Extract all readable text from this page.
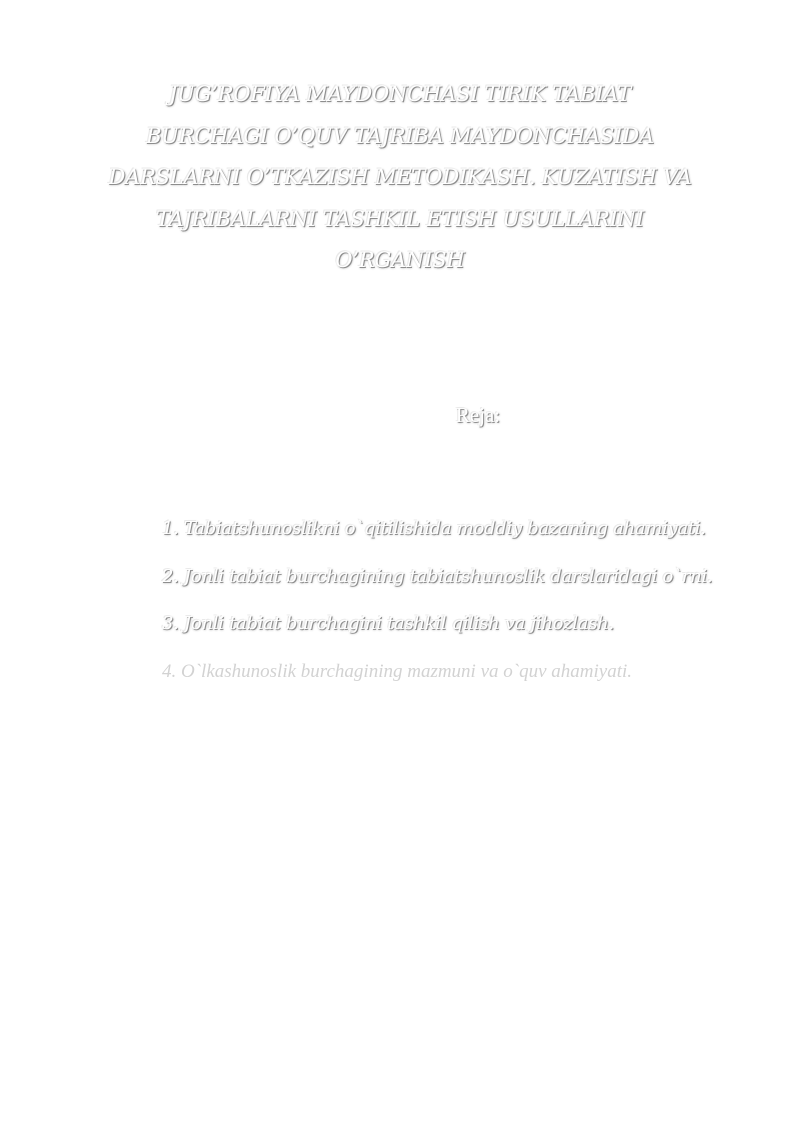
JUG’ROFIYA MAYDONCHASI TIRIK TABIAT
BURCHAGI O’QUV TAJRIBA MAYDONCHASIDA
DARSLARNI O’TKAZISH METODIKASH. KUZATISH VA
TAJRIBALARNI TASHKIL ETISH USULLARINI
O’RGANISH
Reja:
1. Tabiatshunoslikni o`qitilishida moddiy bazaning ahamiyati.
2. Jonli tabiat burchagining tabiatshunoslik darslaridagi o`rni.
3. Jonli tabiat burchagini tashkil qilish va jihozlash.
4. O`lkashunoslik burchagining mazmuni va o`quv ahamiyati.
